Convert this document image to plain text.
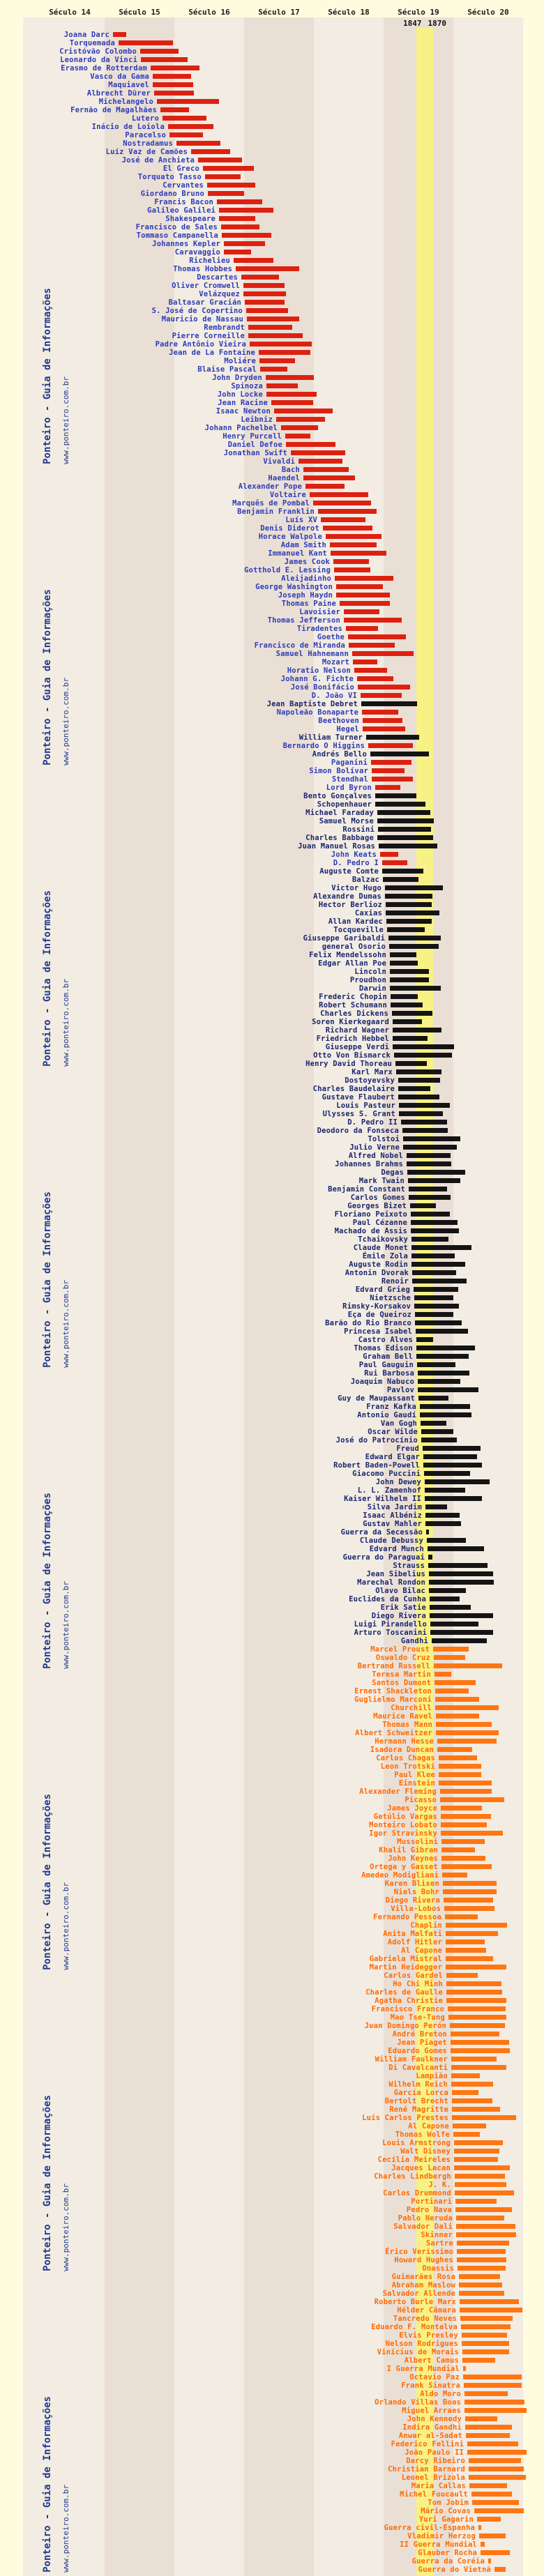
Século 14	Século 15	Século 16	Século 17	Século 18	Século 19	Século 20
1847 1870
Joana Darc
Torquemada
Cristóvão Colombo
Leonardo da Vinci
Erasmo de Rotterdam
Vasco da Gama
Maquiavel
Albrecht Dürer
Michelangelo
Fernão de Magalhães
Lutero
Inácio de Loiola
Paracelso
Nostradamus
Luíz Vaz de Camões
José de Anchieta
El Greco
Torquato Tasso
Cervantes
Giordano Bruno
Francis Bacon
Galileo Galilei
Shakespeare
Francisco de Sales
Tommaso Campanella
Johannes Kepler
Caravaggio
Richelieu
Thomas Hobbes
Descartes
Oliver Cromwell
Velázquez
Baltasar Gracián
S. José de Copertino
Mauricio de Nassau
Rembrandt
Pierre Corneille
Padre Antônio Vieira
Jean de La Fontaine
Moliére
Blaise Pascal
John Dryden
Spinoza
John Locke
Jean Racine
Isaac Newton
Leibniz
Johann Pachelbel
Henry Purcell
Daniel Defoe
Jonathan Swift
Vivaldi
Bach
Haendel
Alexander Pope
Voltaire
Marquês de Pombal
Benjamin Franklin
Luís XV
Denis Diderot
Horace Walpole
Adam Smith
Immanuel Kant
James Cook
Gotthold E. Lessing
Aleijadinho
George Washington
Joseph Haydn
Thomas Paine
Lavoisier
Thomas Jefferson
Tiradentes
Goethe
Francisco de Miranda
Samuel Hahnemann
Mozart
Horatio Nelson
Johann G. Fichte
José Bonifácio
D. João VI
Jean Baptiste Debret
Napoleão Bonaparte
Beethoven
Hegel
William Turner
Bernardo O Higgins
Andrés Bello
Paganini
Simon Bolívar
Stendhal
Lord Byron
Bento Gonçalves
Schopenhauer
Michael Faraday
Samuel Morse
Rossini
Charles Babbage
Juan Manuel Rosas
John Keats
D. Pedro I
Auguste Comte
Balzac
Victor Hugo
Alexandre Dumas
Hector Berlioz
Caxias
Allan Kardec
Tocqueville
Giuseppe Garibaldi
general Osorio
Felix Mendelssohn
Edgar Allan Poe
Lincoln
Proudhon
Darwin
Frederic Chopin
Robert Schumann
Charles Dickens
Soren Kierkegaard
Richard Wagner
Friedrich Hebbel
Giuseppe Verdi
Otto Von Bismarck
Henry David Thoreau
Karl Marx
Dostoyevsky
Charles Baudelaire
Gustave Flaubert
Louis Pasteur
Ulysses S. Grant
D. Pedro II
Deodoro da Fonseca
Tolstoi
Julio Verne
Alfred Nobel
Johannes Brahms
Degas
Mark Twain
Benjamin Constant
Carlos Gomes
Georges Bizet
Floriano Peixoto
Paul Cézanne
Machado de Assis
Tchaikovsky
Claude Monet
Émile Zola
Auguste Rodin
Antonin Dvorak
Renoir
Edvard Grieg
Nietzsche
Rimsky-Korsakov
Eça de Queiroz
Barão do Rio Branco
Princesa Isabel
Castro Alves
Thomas Edison
Graham Bell
Paul Gauguin
Rui Barbosa
Joaquim Nabuco
Pavlov
Guy de Maupassant
Franz Kafka
Antonio Gaudí
Van Gogh
Oscar Wilde
José do Patrocínio
Freud
Edward Elgar
Robert Baden-Powell
Giacomo Puccini
John Dewey
L. L. Zamenhof
Kaiser Wilhelm II
Silva Jardim
Isaac Albéniz
Gustav Mahler
Guerra da Secessão
Claude Debussy
Edvard Munch
Guerra do Paraguai
Strauss
Jean Sibelius
Marechal Rondon
Olavo Bilac
Euclides da Cunha
Erik Satie
Diego Rivera
Luigi Pirandello
Arturo Toscanini
Gandhi
Marcel Proust
Oswaldo Cruz
Bertrand Russell
Teresa Martin
Santos Dumont
Ernest Shackleton
Guglielmo Marconi
Churchill
Maurice Ravel
Thomas Mann
Albert Schweitzer
Hermann Hesse
Isadora Duncan
Carlos Chagas
Leon Trotski
Paul Klee
Einstein
Alexander Fleming
Picasso
James Joyce
Getúlio Vargas
Monteiro Lobato
Igor Stravinsky
Mussolini
Khalil Gibran
John Keynes
Ortega y Gasset
Amedeo Modigliani
Karen Blixen
Niels Bohr
Diego Rivera
Villa-Lobos
Fernando Pessoa
Chaplin
Anita Malfati
Adolf Hitler
Al Capone
Gabriela Mistral
Martin Heidegger
Carlos Gardel
Ho Chi Minh
Charles de Gaulle
Agatha Christie
Francisco Franco
Mao Tse-Tung
Juan Domingo Perón
André Breton
Jean Piaget
Eduardo Gomes
William Faulkner
Di Cavalcanti
Lampião
Wilhelm Reich
García Lorca
Bertolt Brecht
René Magritte
Luís Carlos Prestes
Al Capone
Thomas Wolfe
Louis Armstrong
Walt Disney
Cecília Meireles
Jacques Lacan
Charles Lindbergh
J. K.
Carlos Drummond
Portinari
Pedro Nava
Pablo Neruda
Salvador Dali
Skinner
Sartre
Érico Veríssimo
Howard Hughes
Onassis
Guimarães Rosa
Abraham Maslow
Salvador Allende
Roberto Burle Marx
Hélder Câmara
Tancredo Neves
Eduardo F. Montalva
Elvis Presley
Nelson Rodrigues
Vinícius de Morais
Albert Camus
I Guerra Mundial
Octavio Paz
Frank Sinatra
Aldo Moro
Orlando Villas Boas
Miguel Arraes
John Kennedy
Indira Gandhi
Anwar al-Sadat
Federico Fellini
João Paulo II
Darcy Ribeiro
Christian Barnard
Leonel Brizola
Maria Callas
Michel Foucault
Tom Jobim
Mário Covas
Yuri Gagarin
Guerra civil-Espanha
Vladimir Herzog
II Guerra Mundial
Glauber Rocha
Guerra da Coréia
Guerra do Vietnã
Ponteiro - Guia de Informações www.ponteiro.com.br
Ponteiro - Guia de Informações www.ponteiro.com.br
Ponteiro - Guia de Informações www.ponteiro.com.br
Ponteiro - Guia de Informações www.ponteiro.com.br
Ponteiro - Guia de Informações www.ponteiro.com.br
Ponteiro - Guia de Informações www.ponteiro.com.br
Ponteiro - Guia de Informações www.ponteiro.com.br
Ponteiro - Guia de Informações www.ponteiro.com.br
